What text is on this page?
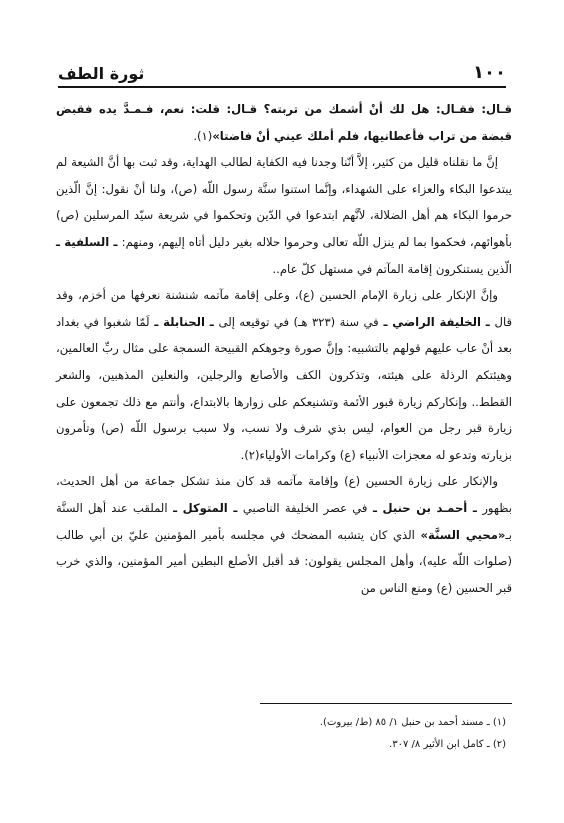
١٠٠
ثورة الطف

قـال: فقـال: هل لك أنْ أشمك من تربته؟ قـال: قلت: نعم، فـمـدَّ يده فقبض قبضة من تراب فأعطانيها، فلم أملك عيني أنْ فاضتا»(١).

إنَّ ما نقلناه قليل من كثير، إلاَّ أنّنا وجدنا فيه الكفاية لطالب الهداية، وقد ثبت بها أنَّ الشيعة لم يبتدعوا البكاء والعزاء على الشهداء، وإنَّما استنوا سنَّة رسول اللّه (ص)، ولنا أنْ نقول: إنَّ الّذين حرموا البكاء هم أهل الضلالة، لأنَّهم ابتدعوا في الدّين وتحكموا في شريعة سيّد المرسلين (ص) بأهوائهم، فحكموا بما لم ينزل اللّه تعالى وحرموا حلاله بغير دليل أتاه إليهم، ومنهم: ـ السلفية ـ الّذين يستنكرون إقامة المآتم في مستهل كلّ عام..

وإنَّ الإنكار على زيارة الإمام الحسين (ع)، وعلى إقامة مآتمه شنشنة نعرفها من أخزم، وقد قال ـ الخليفة الراضي ـ في سنة (٣٢٣ هـ) في توقيعه إلى ـ الحنابلة ـ لَمّا شغبوا في بغداد بعد أنْ عاب عليهم قولهم بالتشبيه: وإنَّ صورة وجوهكم القبيحة السمجة على مثال ربِّ العالمين، وهيئتكم الرذلة على هيئته، وتذكرون الكف والأصابع والرجلين، والنعلين المذهبين، والشعر القطط.. وإنكاركم زيارة قبور الأئمة وتشنيعكم على زوارها بالابتداع، وأنتم مع ذلك تجمعون على زيارة قبر رجل من العوام، ليس بذي شرف ولا نسب، ولا سبب برسول اللّه (ص) وتأمرون بزيارته وتدعو له معجزات الأنبياء (ع) وكرامات الأولياء(٢).

والإنكار على زيارة الحسين (ع) وإقامة مآتمه قد كان منذ تشكل جماعة من أهل الحديث، بظهور ـ أحمـد بن حنبل ـ في عصر الخليفة الناصبي ـ المتوكل ـ الملقب عند أهل السنَّة بـ«محيي السنَّة» الذي كان يتشبه المضحك في مجلسه بأمير المؤمنين عليّ بن أبي طالب (صلوات اللّه عليه)، وأهل المجلس يقولون: قد أقبل الأصلع البطين أمير المؤمنين، والذي خرب قبر الحسين (ع) ومنع الناس من

(١) ـ مسند أحمد بن حنبل ١/ ٨٥ (ط/ بيروت).
(٢) ـ كامل ابن الأثير ٨/ ٣٠٧.
